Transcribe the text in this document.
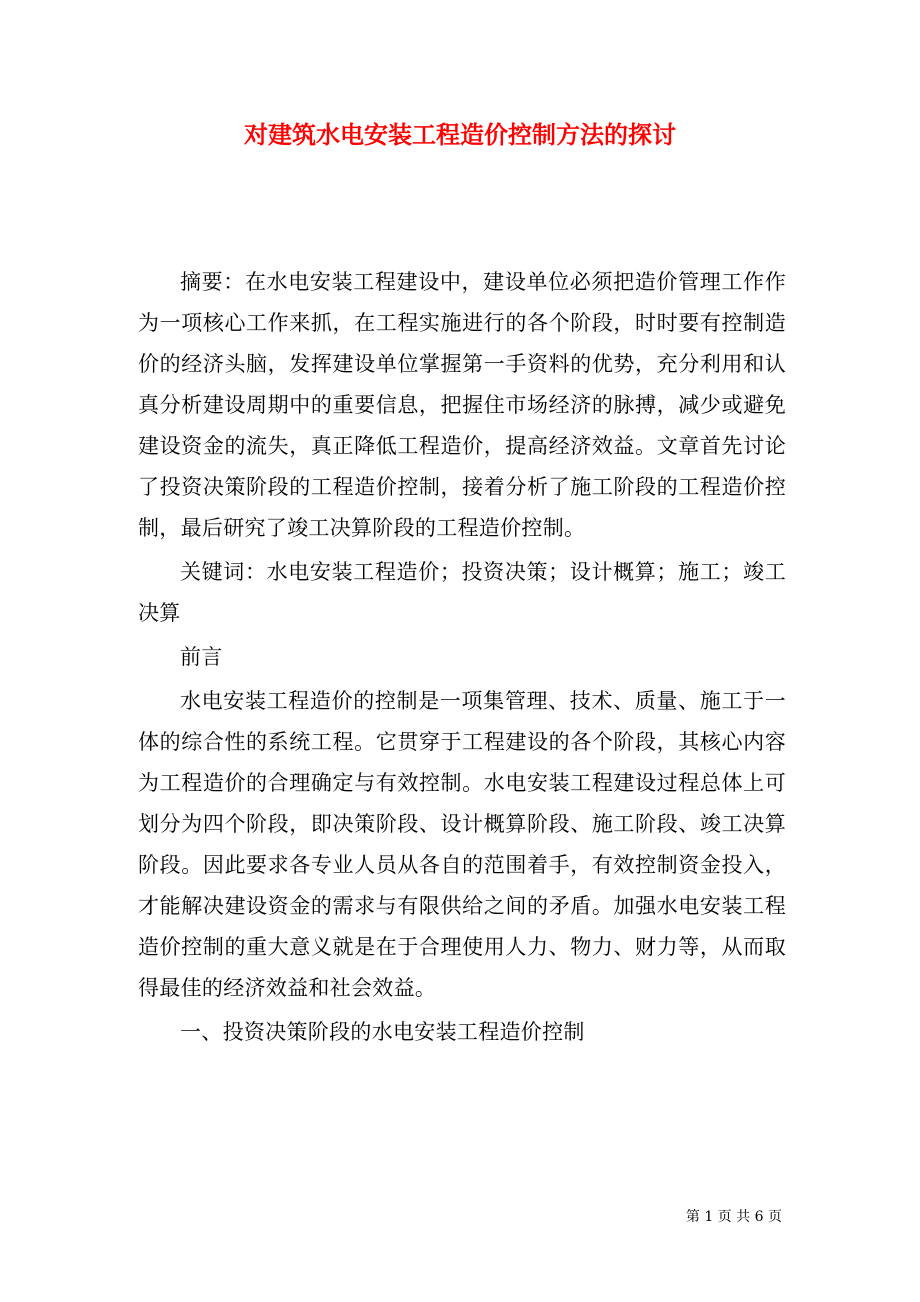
对建筑水电安装工程造价控制方法的探讨

摘要：在水电安装工程建设中，建设单位必须把造价管理工作作为一项核心工作来抓，在工程实施进行的各个阶段，时时要有控制造价的经济头脑，发挥建设单位掌握第一手资料的优势，充分利用和认真分析建设周期中的重要信息，把握住市场经济的脉搏，减少或避免建设资金的流失，真正降低工程造价，提高经济效益。文章首先讨论了投资决策阶段的工程造价控制，接着分析了施工阶段的工程造价控制，最后研究了竣工决算阶段的工程造价控制。

关键词：水电安装工程造价；投资决策；设计概算；施工；竣工决算

前言

水电安装工程造价的控制是一项集管理、技术、质量、施工于一体的综合性的系统工程。它贯穿于工程建设的各个阶段，其核心内容为工程造价的合理确定与有效控制。水电安装工程建设过程总体上可划分为四个阶段，即决策阶段、设计概算阶段、施工阶段、竣工决算阶段。因此要求各专业人员从各自的范围着手，有效控制资金投入，才能解决建设资金的需求与有限供给之间的矛盾。加强水电安装工程造价控制的重大意义就是在于合理使用人力、物力、财力等，从而取得最佳的经济效益和社会效益。

一、投资决策阶段的水电安装工程造价控制

第 1 页 共 6 页
